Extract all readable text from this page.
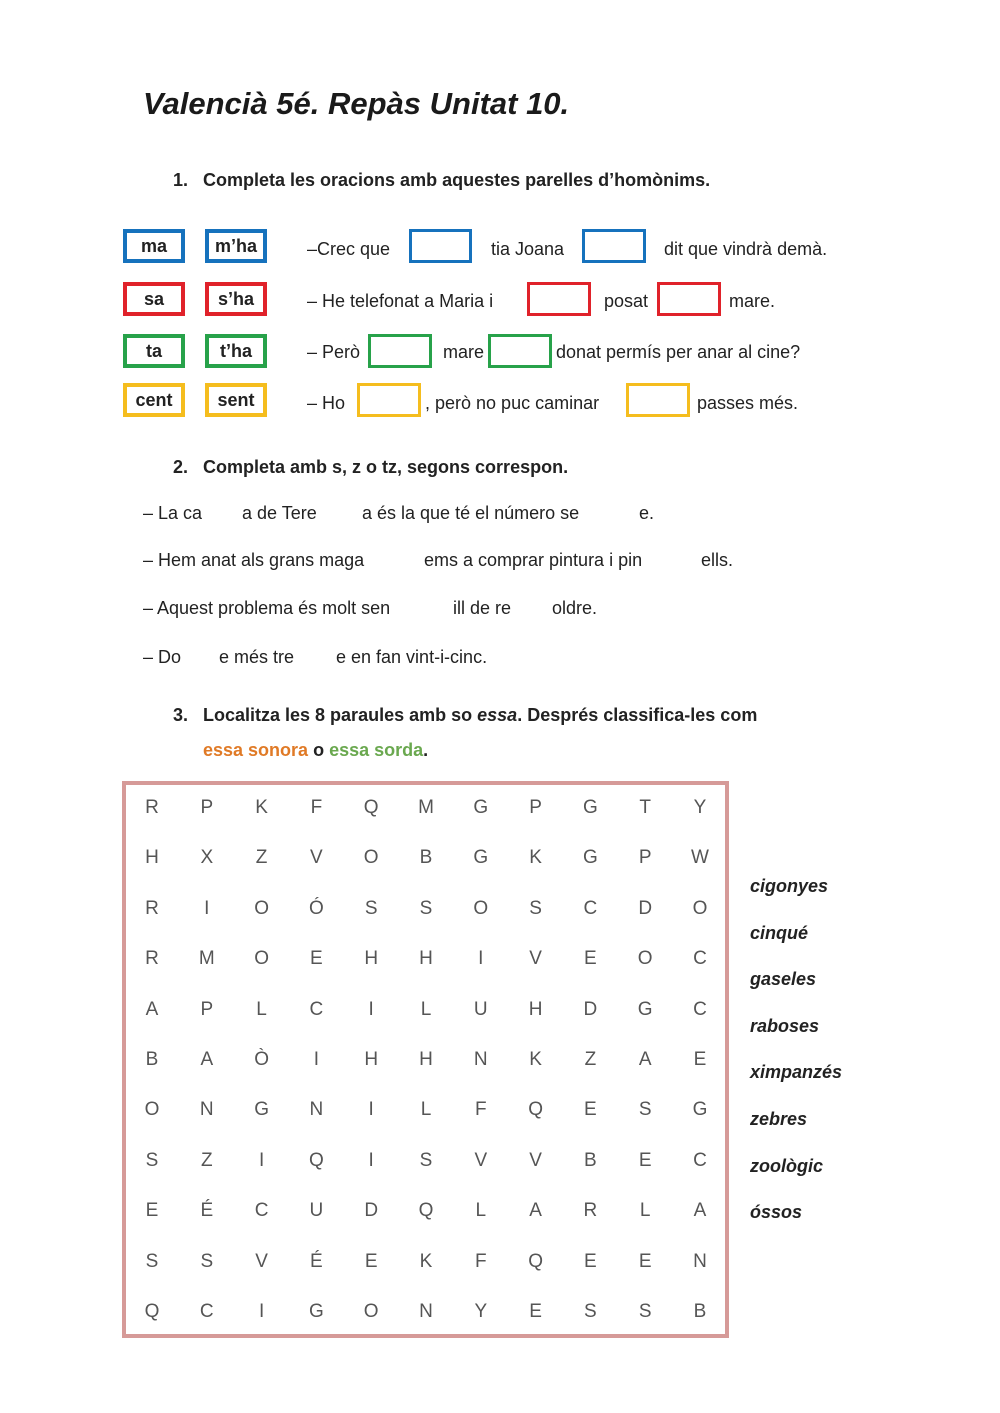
Valencià 5é. Repàs Unitat 10.
1. Completa les oracions amb aquestes parelles d’homònims.
ma	m’ha	–Crec que	tia Joana	dit que vindrà demà.
sa	s’ha	– He telefonat a Maria i	posat	mare.
ta	t’ha	– Però	mare	donat permís per anar al cine?
cent	sent	– Ho	, però no puc caminar	passes més.
2. Completa amb s, z o tz, segons correspon.
– La ca a de Tere	a és la que té el número se	e.
– Hem anat als grans maga	ems a comprar pintura i pin	ells.
– Aquest problema és molt sen	ill de re oldre.
– Do e més tre e en fan vint-i-cinc.
3. Localitza les 8 paraules amb so essa. Després classifica-les com
essa sonora o essa sorda.
R	P	K	F	Q	M	G	P	G	T	Y
H	X	Z	V	O	B	G	K	G	P	W
R	I	O	Ó	S	S	O	S	C	D	O
R	M	O	E	H	H	I	V	E	O	C
A	P	L	C	I	L	U	H	D	G	C
B	A	Ò	I	H	H	N	K	Z	A	E
O	N	G	N	I	L	F	Q	E	S	G
S	Z	I	Q	I	S	V	V	B	E	C
E	É	C	U	D	Q	L	A	R	L	A
S	S	V	É	E	K	F	Q	E	E	N
Q	C	I	G	O	N	Y	E	S	S	B
cigonyes
cinqué
gaseles
raboses
ximpanzés
zebres
zoològic
óssos
